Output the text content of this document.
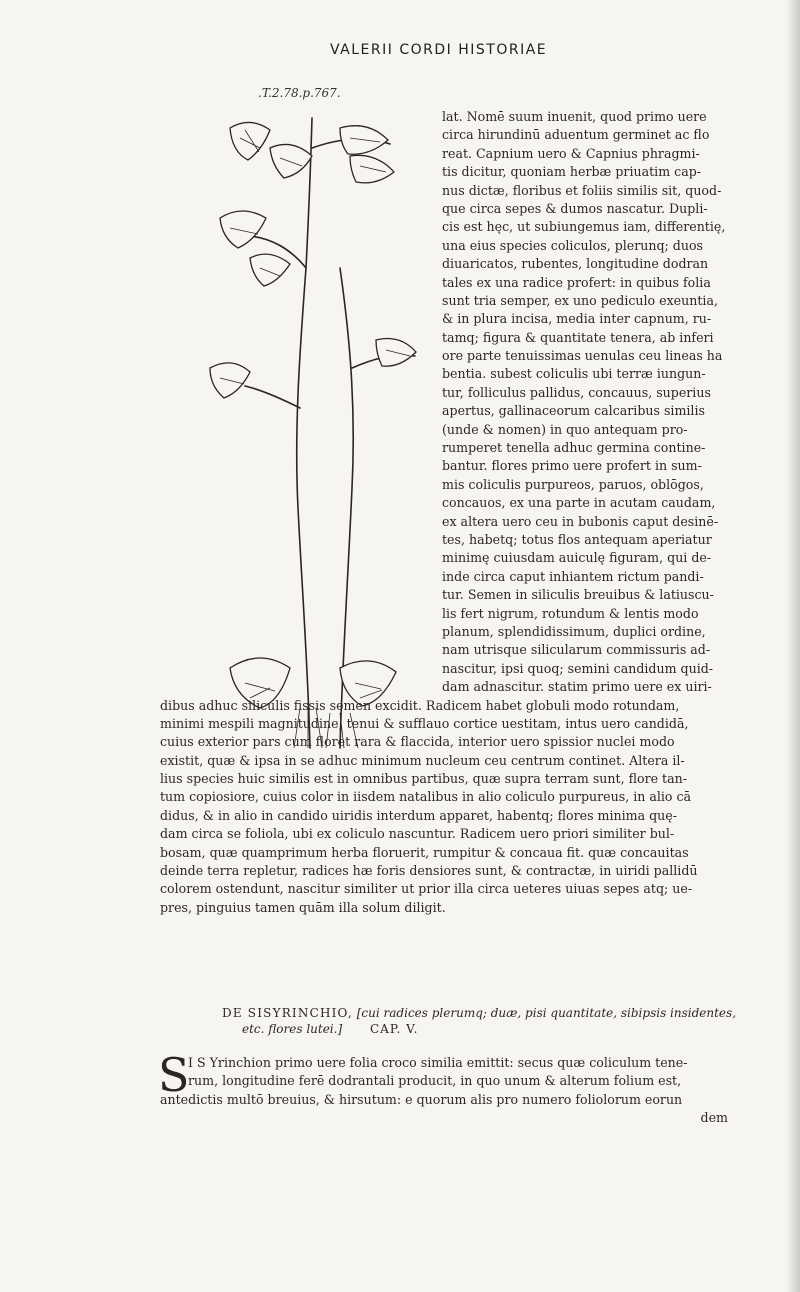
VALERII CORDI HISTORIAE
.T.2.78.p.767.
lat. Nomē suum inuenit, quod primo uere
circa hirundinū aduentum germinet ac flo
reat. Capnium uero & Capnius phragmi-
tis dicitur, quoniam herbæ priuatim cap-
nus dictæ, floribus et foliis similis sit, quod-
que circa sepes & dumos nascatur. Dupli-
cis est hęc, ut subiungemus iam, differentię,
una eius species coliculos, plerunq; duos
diuaricatos, rubentes, longitudine dodran
tales ex una radice profert: in quibus folia
sunt tria semper, ex uno pediculo exeuntia,
& in plura incisa, media inter capnum, ru-
tamq; figura & quantitate tenera, ab inferi
ore parte tenuissimas uenulas ceu lineas ha
bentia. subest coliculis ubi terræ iungun-
tur, folliculus pallidus, concauus, superius
apertus, gallinaceorum calcaribus similis
(unde & nomen) in quo antequam pro-
rumperet tenella adhuc germina contine-
bantur. flores primo uere profert in sum-
mis coliculis purpureos, paruos, oblōgos,
concauos, ex una parte in acutam caudam,
ex altera uero ceu in bubonis caput desinē-
tes, habetq; totus flos antequam aperiatur
minimę cuiusdam auiculę figuram, qui de-
inde circa caput inhiantem rictum pandi-
tur. Semen in siliculis breuibus & latiuscu-
lis fert nigrum, rotundum & lentis modo
planum, splendidissimum, duplici ordine,
nam utrisque silicularum commissuris ad-
nascitur, ipsi quoq; semini candidum quid-
dam adnascitur. statim primo uere ex uiri-
dibus adhuc siliculis fissis semen excidit. Radicem habet globuli modo rotundam,
minimi mespili magnitudine, tenui & sufflauo cortice uestitam, intus uero candidā,
cuius exterior pars cum floret rara & flaccida, interior uero spissior nuclei modo
existit, quæ & ipsa in se adhuc minimum nucleum ceu centrum continet. Altera il-
lius species huic similis est in omnibus partibus, quæ supra terram sunt, flore tan-
tum copiosiore, cuius color in iisdem natalibus in alio coliculo purpureus, in alio cā
didus, & in alio in candido uiridis interdum apparet, habentq; flores minima quę-
dam circa se foliola, ubi ex coliculo nascuntur. Radicem uero priori similiter bul-
bosam, quæ quamprimum herba floruerit, rumpitur & concaua fit. quæ concauitas
deinde terra repletur, radices hæ foris densiores sunt, & contractæ, in uiridi pallidū
colorem ostendunt, nascitur similiter ut prior illa circa ueteres uiuas sepes atq; ue-
pres, pinguius tamen quām illa solum diligit.
DE SISYRINCHIO, [cui radices plerumq; duæ, pisi quantitate, sibipsis insidentes,
etc. flores lutei.] CAP. V.
S
I S Yrinchion primo uere folia croco similia emittit: secus quæ coliculum tene-
rum, longitudine ferē dodrantali producit, in quo unum & alterum folium est,
antedictis multō breuius, & hirsutum: e quorum alis pro numero foliolorum eorun
dem
